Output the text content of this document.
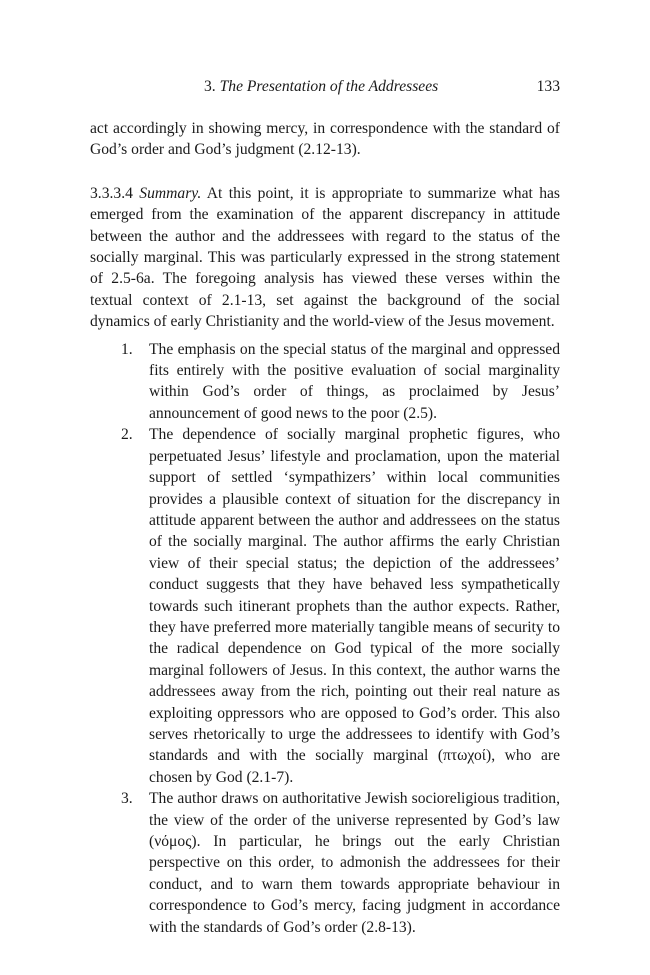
3. The Presentation of the Addressees	133

act accordingly in showing mercy, in correspondence with the standard of God’s order and God’s judgment (2.12-13).

3.3.3.4 Summary. At this point, it is appropriate to summarize what has emerged from the examination of the apparent discrepancy in attitude between the author and the addressees with regard to the status of the socially marginal. This was particularly expressed in the strong statement of 2.5-6a. The foregoing analysis has viewed these verses within the textual context of 2.1-13, set against the background of the social dynamics of early Christianity and the world-view of the Jesus movement.

1. The emphasis on the special status of the marginal and oppressed fits entirely with the positive evaluation of social marginality within God’s order of things, as proclaimed by Jesus’ announcement of good news to the poor (2.5).
2. The dependence of socially marginal prophetic figures, who perpetuated Jesus’ lifestyle and proclamation, upon the material support of settled ‘sympathizers’ within local communities provides a plausible context of situation for the discrepancy in attitude apparent between the author and addressees on the status of the socially marginal. The author affirms the early Christian view of their special status; the depiction of the addressees’ conduct suggests that they have behaved less sympathetically towards such itinerant prophets than the author expects. Rather, they have preferred more materially tangible means of security to the radical dependence on God typical of the more socially marginal followers of Jesus. In this context, the author warns the addressees away from the rich, pointing out their real nature as exploiting oppressors who are opposed to God’s order. This also serves rhetorically to urge the addressees to identify with God’s standards and with the socially marginal (πτωχοί), who are chosen by God (2.1-7).
3. The author draws on authoritative Jewish socioreligious tradition, the view of the order of the universe represented by God’s law (νόμος). In particular, he brings out the early Christian perspective on this order, to admonish the addressees for their conduct, and to warn them towards appropriate behaviour in correspondence to God’s mercy, facing judgment in accordance with the standards of God’s order (2.8-13).
